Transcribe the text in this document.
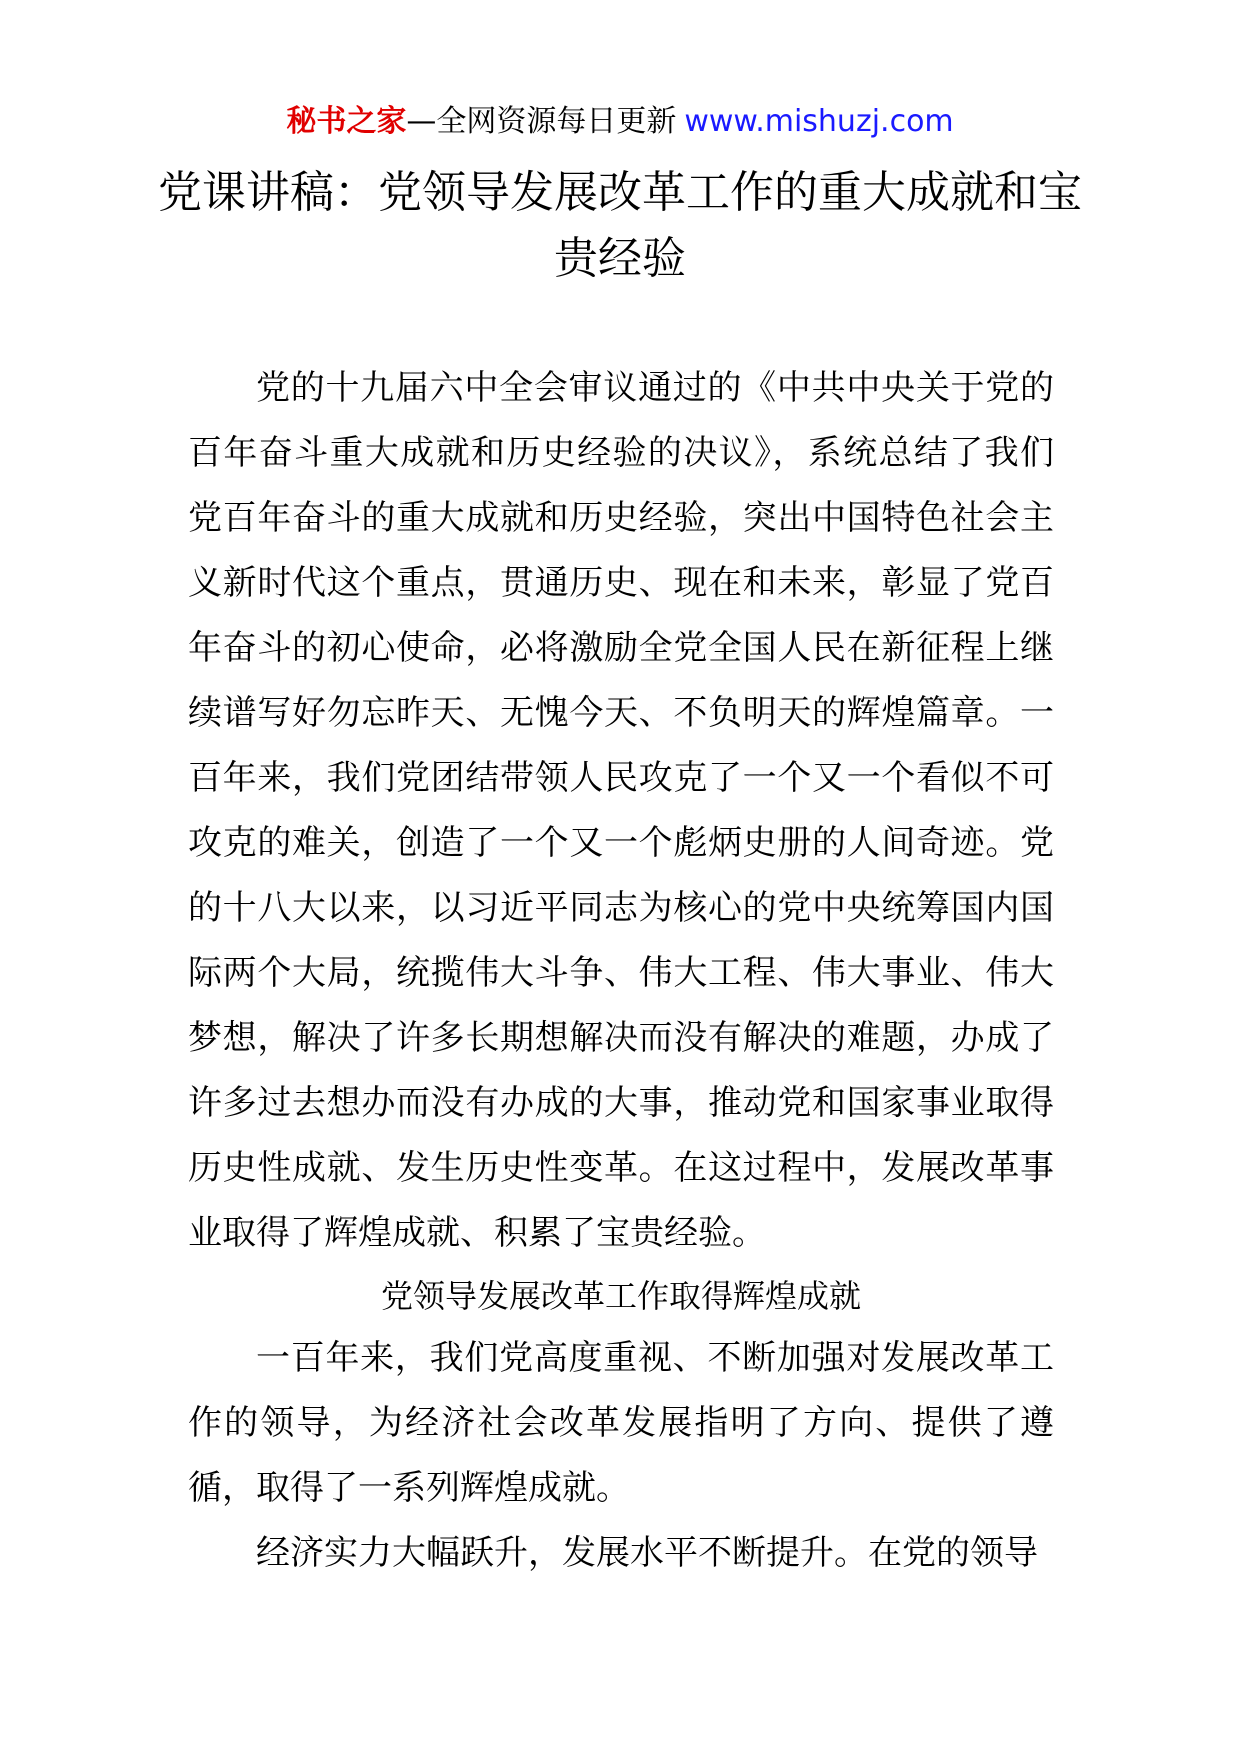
秘书之家—全网资源每日更新 www.mishuzj.com
党课讲稿：党领导发展改革工作的重大成就和宝贵经验

党的十九届六中全会审议通过的《中共中央关于党的百年奋斗重大成就和历史经验的决议》，系统总结了我们党百年奋斗的重大成就和历史经验，突出中国特色社会主义新时代这个重点，贯通历史、现在和未来，彰显了党百年奋斗的初心使命，必将激励全党全国人民在新征程上继续谱写好勿忘昨天、无愧今天、不负明天的辉煌篇章。一百年来，我们党团结带领人民攻克了一个又一个看似不可攻克的难关，创造了一个又一个彪炳史册的人间奇迹。党的十八大以来，以习近平同志为核心的党中央统筹国内国际两个大局，统揽伟大斗争、伟大工程、伟大事业、伟大梦想，解决了许多长期想解决而没有解决的难题，办成了许多过去想办而没有办成的大事，推动党和国家事业取得历史性成就、发生历史性变革。在这过程中，发展改革事业取得了辉煌成就、积累了宝贵经验。

党领导发展改革工作取得辉煌成就

一百年来，我们党高度重视、不断加强对发展改革工作的领导，为经济社会改革发展指明了方向、提供了遵循，取得了一系列辉煌成就。

经济实力大幅跃升，发展水平不断提升。在党的领导
